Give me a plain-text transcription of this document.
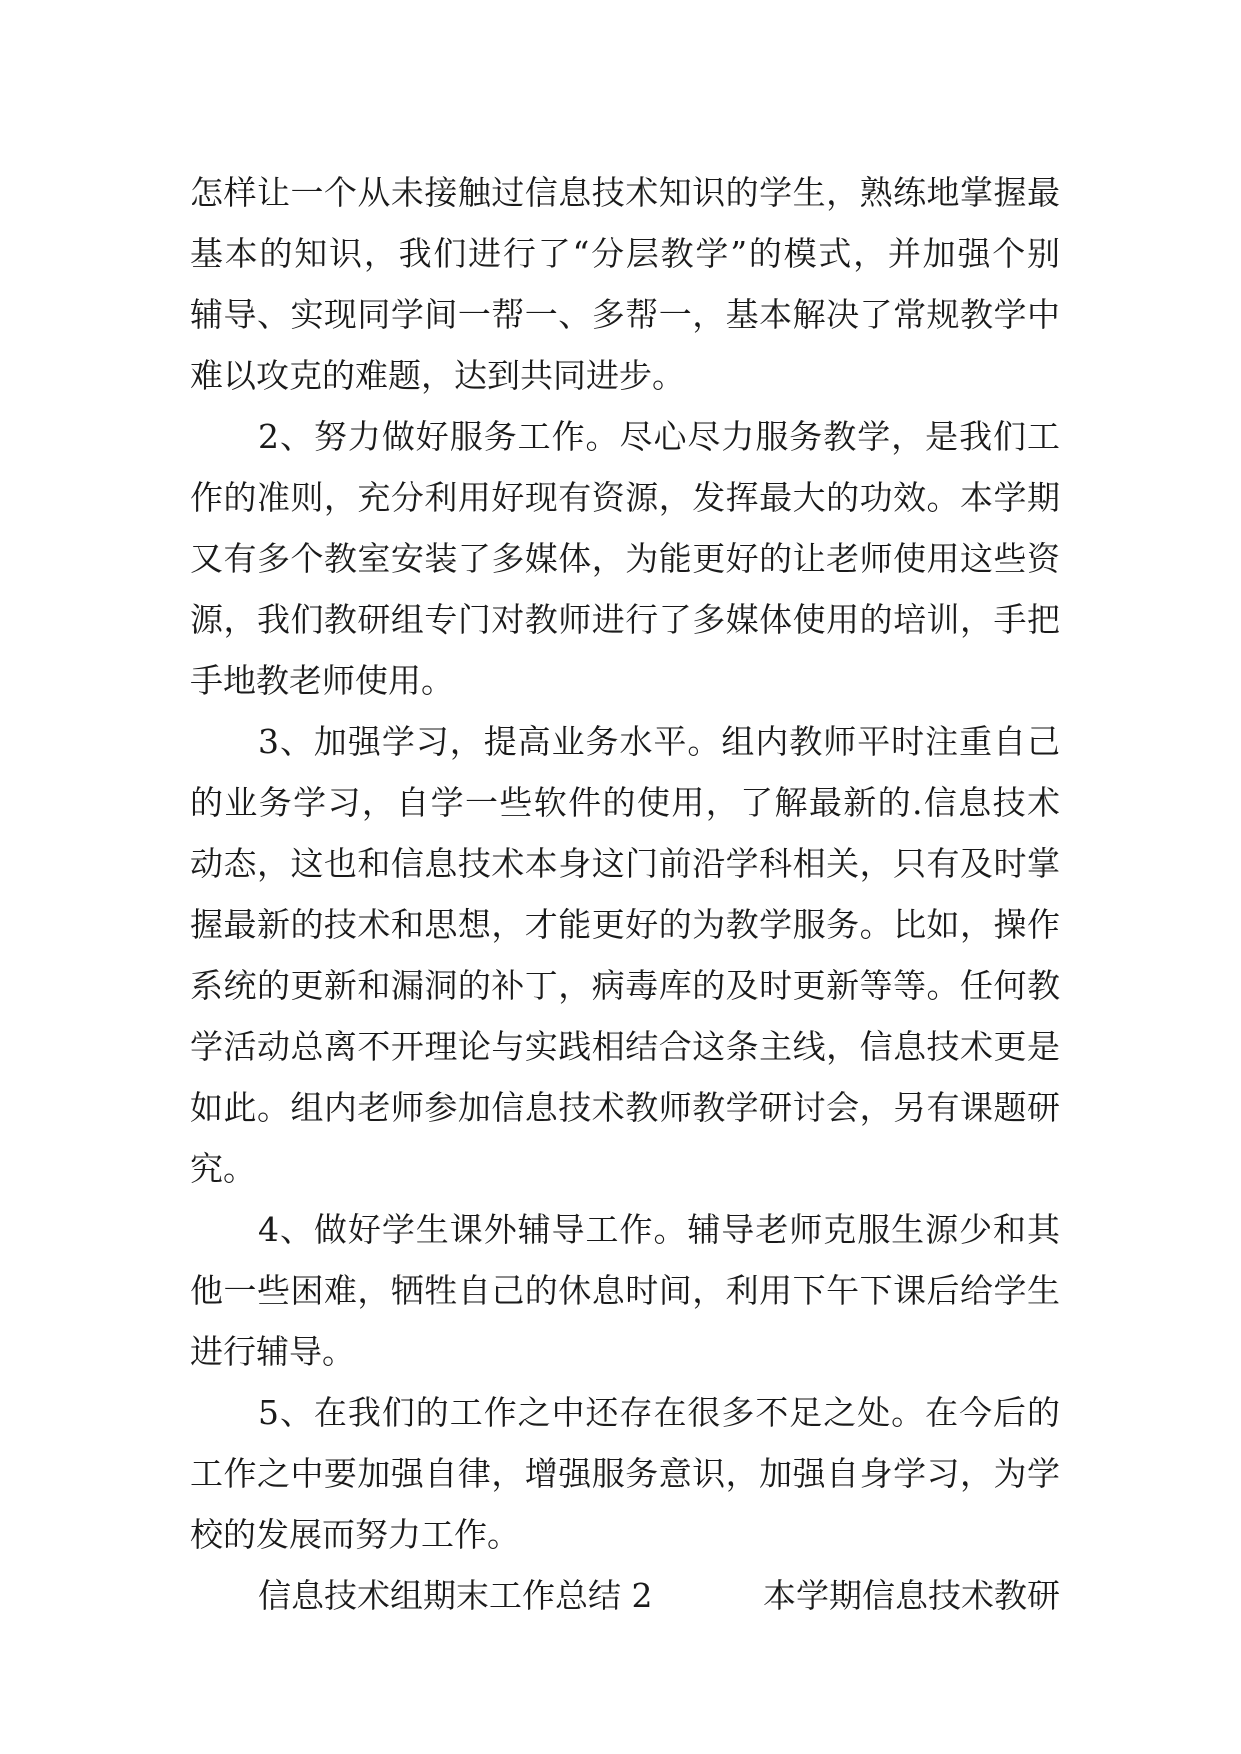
怎样让一个从未接触过信息技术知识的学生，熟练地掌握最
基本的知识，我们进行了“分层教学”的模式，并加强个别
辅导、实现同学间一帮一、多帮一，基本解决了常规教学中
难以攻克的难题，达到共同进步。
2、努力做好服务工作。尽心尽力服务教学，是我们工
作的准则，充分利用好现有资源，发挥最大的功效。本学期
又有多个教室安装了多媒体，为能更好的让老师使用这些资
源，我们教研组专门对教师进行了多媒体使用的培训，手把
手地教老师使用。
3、加强学习，提高业务水平。组内教师平时注重自己
的业务学习，自学一些软件的使用，了解最新的.信息技术
动态，这也和信息技术本身这门前沿学科相关，只有及时掌
握最新的技术和思想，才能更好的为教学服务。比如，操作
系统的更新和漏洞的补丁，病毒库的及时更新等等。任何教
学活动总离不开理论与实践相结合这条主线，信息技术更是
如此。组内老师参加信息技术教师教学研讨会，另有课题研
究。
4、做好学生课外辅导工作。辅导老师克服生源少和其
他一些困难，牺牲自己的休息时间，利用下午下课后给学生
进行辅导。
5、在我们的工作之中还存在很多不足之处。在今后的
工作之中要加强自律，增强服务意识，加强自身学习，为学
校的发展而努力工作。
信息技术组期末工作总结 2	本学期信息技术教研
